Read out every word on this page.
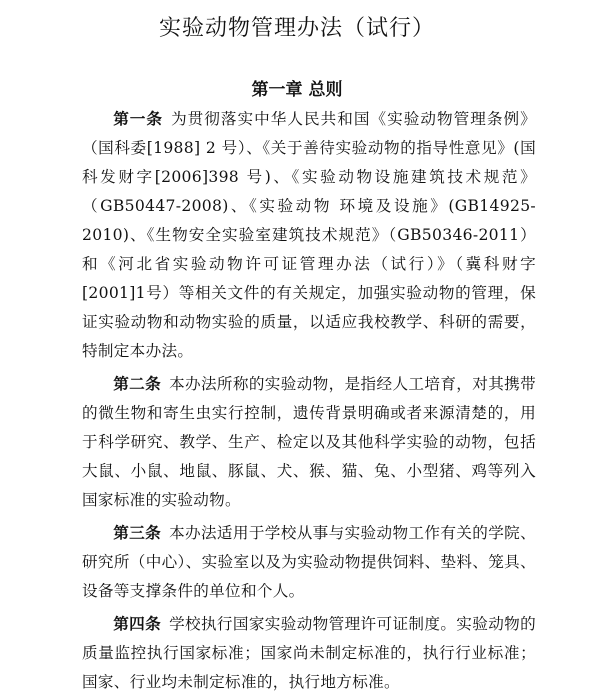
实验动物管理办法（试行）
第一章 总则

第一条 为贯彻落实中华人民共和国《实验动物管理条例》（国科委[1988] 2 号）、《关于善待实验动物的指导性意见》(国科发财字[2006]398 号)、《实验动物设施建筑技术规范》（GB50447-2008)、《实验动物 环境及设施》(GB14925-2010)、《生物安全实验室建筑技术规范》（GB50346-2011）和《河北省实验动物许可证管理办法（试行）》（冀科财字[2001]1号）等相关文件的有关规定，加强实验动物的管理，保证实验动物和动物实验的质量，以适应我校教学、科研的需要，特制定本办法。

第二条 本办法所称的实验动物，是指经人工培育，对其携带的微生物和寄生虫实行控制，遗传背景明确或者来源清楚的，用于科学研究、教学、生产、检定以及其他科学实验的动物，包括大鼠、小鼠、地鼠、豚鼠、犬、猴、猫、兔、小型猪、鸡等列入国家标准的实验动物。

第三条 本办法适用于学校从事与实验动物工作有关的学院、研究所（中心）、实验室以及为实验动物提供饲料、垫料、笼具、设备等支撑条件的单位和个人。

第四条 学校执行国家实验动物管理许可证制度。实验动物的质量监控执行国家标准；国家尚未制定标准的，执行行业标准；国家、行业均未制定标准的，执行地方标准。
